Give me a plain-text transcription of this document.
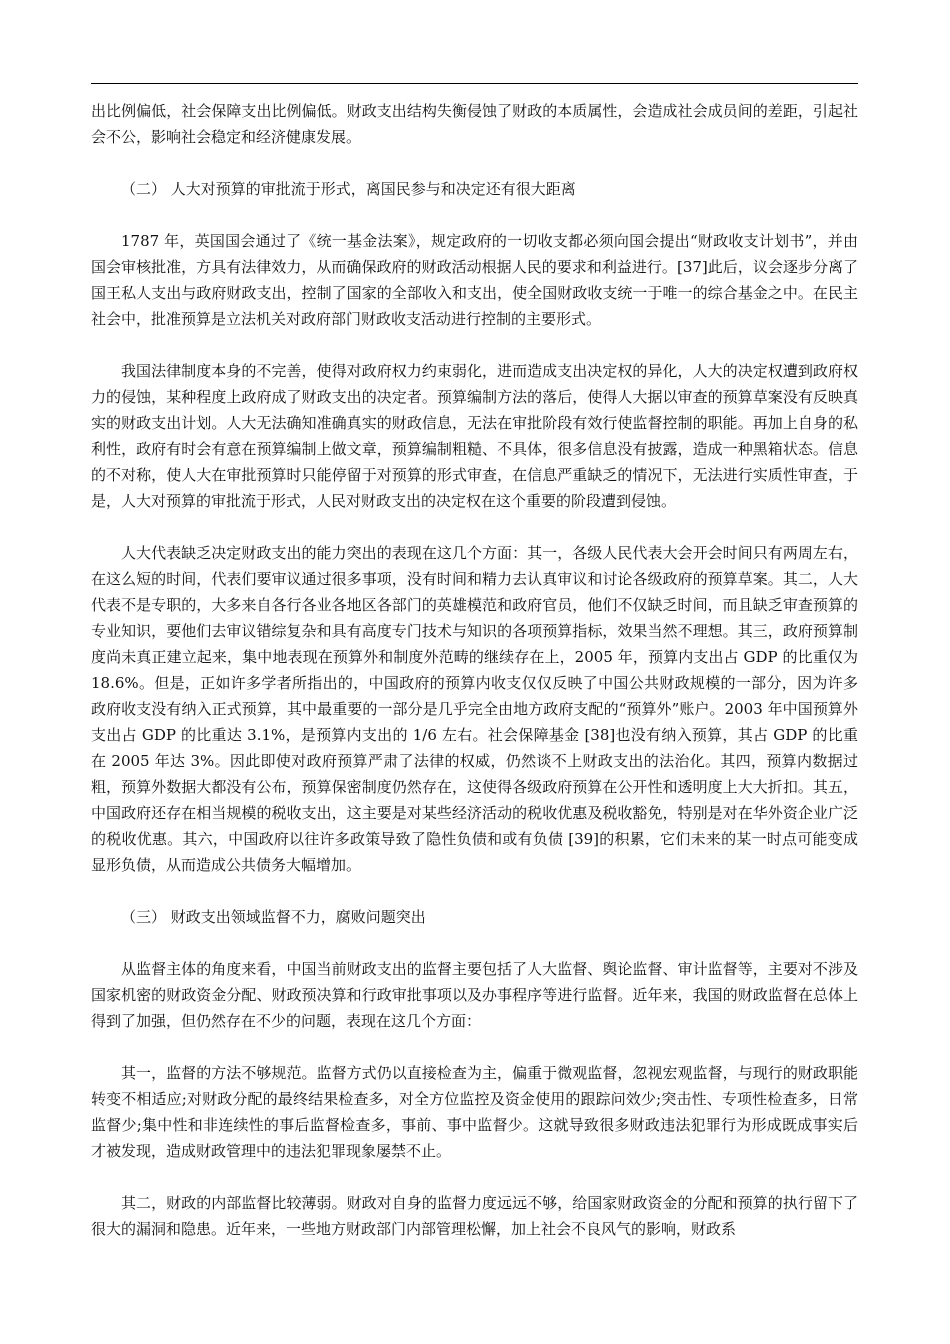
出比例偏低，社会保障支出比例偏低。财政支出结构失衡侵蚀了财政的本质属性，会造成社会成员间的差距，引起社会不公，影响社会稳定和经济健康发展。

（二） 人大对预算的审批流于形式，离国民参与和决定还有很大距离

1787 年，英国国会通过了《统一基金法案》，规定政府的一切收支都必须向国会提出“财政收支计划书”，并由国会审核批准，方具有法律效力，从而确保政府的财政活动根据人民的要求和利益进行。[37]此后，议会逐步分离了国王私人支出与政府财政支出，控制了国家的全部收入和支出，使全国财政收支统一于唯一的综合基金之中。在民主社会中，批准预算是立法机关对政府部门财政收支活动进行控制的主要形式。

我国法律制度本身的不完善，使得对政府权力约束弱化，进而造成支出决定权的异化，人大的决定权遭到政府权力的侵蚀，某种程度上政府成了财政支出的决定者。预算编制方法的落后，使得人大据以审查的预算草案没有反映真实的财政支出计划。人大无法确知准确真实的财政信息，无法在审批阶段有效行使监督控制的职能。再加上自身的私利性，政府有时会有意在预算编制上做文章，预算编制粗糙、不具体，很多信息没有披露，造成一种黑箱状态。信息的不对称，使人大在审批预算时只能停留于对预算的形式审查，在信息严重缺乏的情况下，无法进行实质性审查，于是，人大对预算的审批流于形式，人民对财政支出的决定权在这个重要的阶段遭到侵蚀。

人大代表缺乏决定财政支出的能力突出的表现在这几个方面：其一，各级人民代表大会开会时间只有两周左右，在这么短的时间，代表们要审议通过很多事项，没有时间和精力去认真审议和讨论各级政府的预算草案。其二，人大代表不是专职的，大多来自各行各业各地区各部门的英雄模范和政府官员，他们不仅缺乏时间，而且缺乏审查预算的专业知识，要他们去审议错综复杂和具有高度专门技术与知识的各项预算指标，效果当然不理想。其三，政府预算制度尚未真正建立起来，集中地表现在预算外和制度外范畴的继续存在上，2005 年，预算内支出占 GDP 的比重仅为 18.6%。但是，正如许多学者所指出的，中国政府的预算内收支仅仅反映了中国公共财政规模的一部分，因为许多政府收支没有纳入正式预算，其中最重要的一部分是几乎完全由地方政府支配的“预算外”账户。2003 年中国预算外支出占 GDP 的比重达 3.1%，是预算内支出的 1/6 左右。社会保障基金 [38]也没有纳入预算，其占 GDP 的比重在 2005 年达 3%。因此即使对政府预算严肃了法律的权威，仍然谈不上财政支出的法治化。其四，预算内数据过粗，预算外数据大都没有公布，预算保密制度仍然存在，这使得各级政府预算在公开性和透明度上大大折扣。其五，中国政府还存在相当规模的税收支出，这主要是对某些经济活动的税收优惠及税收豁免，特别是对在华外资企业广泛的税收优惠。其六，中国政府以往许多政策导致了隐性负债和或有负债 [39]的积累，它们未来的某一时点可能变成显形负债，从而造成公共债务大幅增加。

（三） 财政支出领域监督不力，腐败问题突出

从监督主体的角度来看，中国当前财政支出的监督主要包括了人大监督、舆论监督、审计监督等，主要对不涉及国家机密的财政资金分配、财政预决算和行政审批事项以及办事程序等进行监督。近年来，我国的财政监督在总体上得到了加强，但仍然存在不少的问题，表现在这几个方面：

其一，监督的方法不够规范。监督方式仍以直接检查为主，偏重于微观监督，忽视宏观监督，与现行的财政职能转变不相适应;对财政分配的最终结果检查多，对全方位监控及资金使用的跟踪问效少;突击性、专项性检查多，日常监督少;集中性和非连续性的事后监督检查多，事前、事中监督少。这就导致很多财政违法犯罪行为形成既成事实后才被发现，造成财政管理中的违法犯罪现象屡禁不止。

其二，财政的内部监督比较薄弱。财政对自身的监督力度远远不够，给国家财政资金的分配和预算的执行留下了很大的漏洞和隐患。近年来，一些地方财政部门内部管理松懈，加上社会不良风气的影响，财政系
